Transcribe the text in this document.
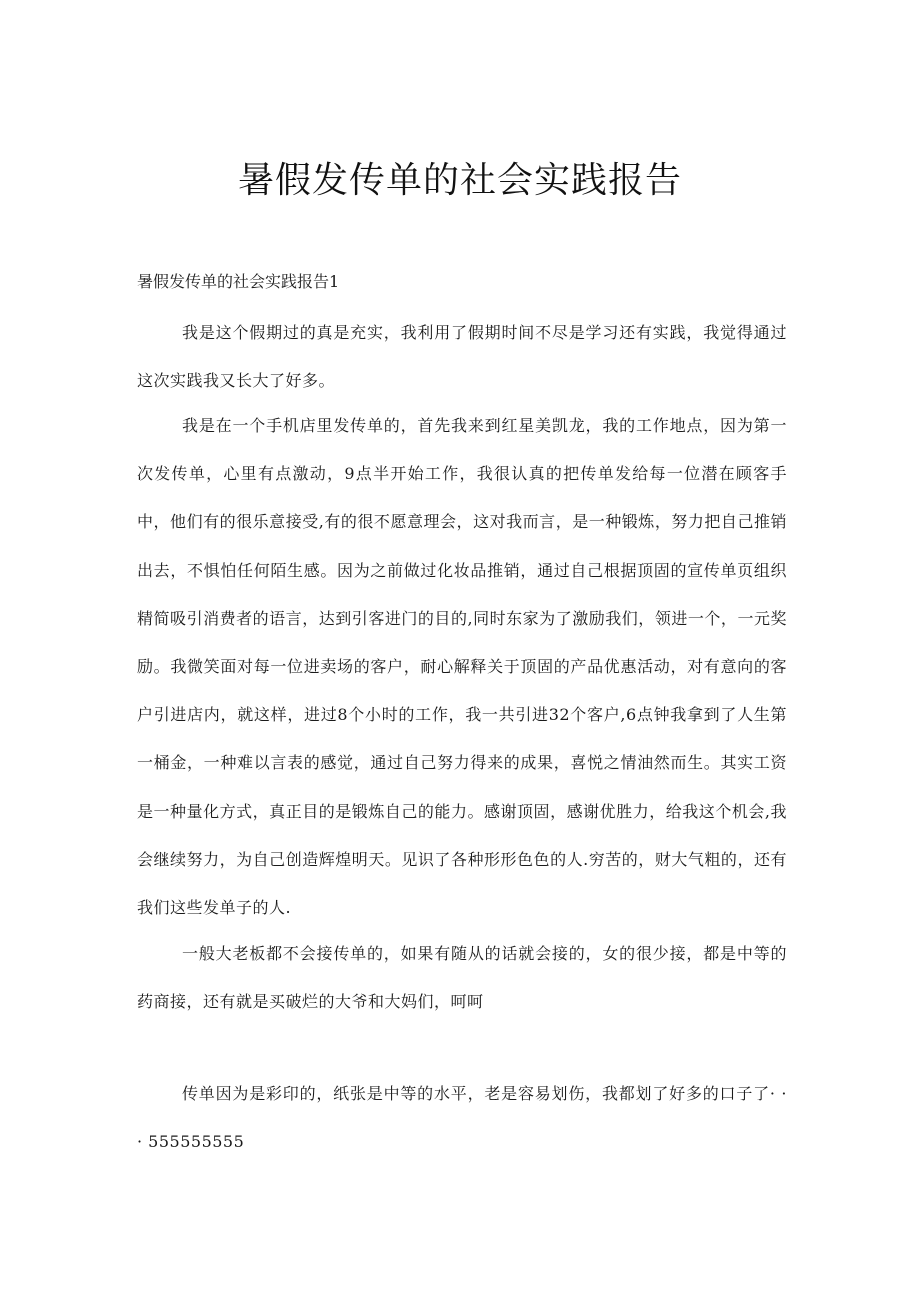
暑假发传单的社会实践报告

暑假发传单的社会实践报告1

我是这个假期过的真是充实，我利用了假期时间不尽是学习还有实践，我觉得通过这次实践我又长大了好多。

我是在一个手机店里发传单的，首先我来到红星美凯龙，我的工作地点，因为第一次发传单，心里有点激动，9点半开始工作，我很认真的把传单发给每一位潜在顾客手中，他们有的很乐意接受,有的很不愿意理会，这对我而言，是一种锻炼，努力把自己推销出去，不惧怕任何陌生感。因为之前做过化妆品推销，通过自己根据顶固的宣传单页组织精简吸引消费者的语言，达到引客进门的目的,同时东家为了激励我们，领进一个，一元奖励。我微笑面对每一位进卖场的客户，耐心解释关于顶固的产品优惠活动，对有意向的客户引进店内，就这样，进过8个小时的工作，我一共引进32个客户,6点钟我拿到了人生第一桶金，一种难以言表的感觉，通过自己努力得来的成果，喜悦之情油然而生。其实工资是一种量化方式，真正目的是锻炼自己的能力。感谢顶固，感谢优胜力，给我这个机会,我会继续努力，为自己创造辉煌明天。见识了各种形形色色的人.穷苦的，财大气粗的，还有我们这些发单子的人.

一般大老板都不会接传单的，如果有随从的话就会接的，女的很少接，都是中等的药商接，还有就是买破烂的大爷和大妈们，呵呵

传单因为是彩印的，纸张是中等的水平，老是容易划伤，我都划了好多的口子了· · · 555555555
